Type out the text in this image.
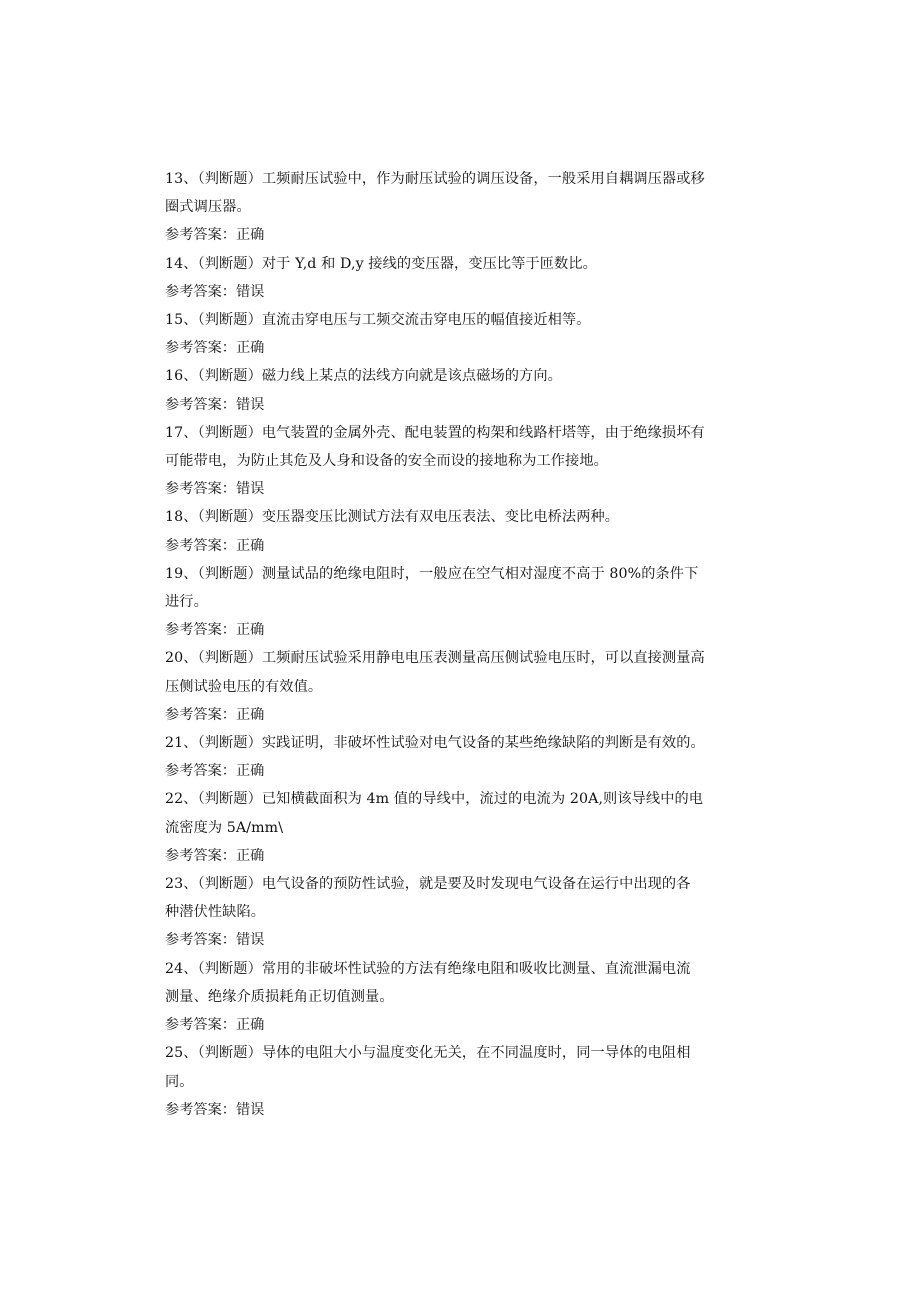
13、（判断题）工频耐压试验中，作为耐压试验的调压设备，一般采用自耦调压器或移
圈式调压器。
参考答案：正确
14、（判断题）对于 Y,d 和 D,y 接线的变压器，变压比等于匝数比。
参考答案：错误
15、（判断题）直流击穿电压与工频交流击穿电压的幅值接近相等。
参考答案：正确
16、（判断题）磁力线上某点的法线方向就是该点磁场的方向。
参考答案：错误
17、（判断题）电气装置的金属外壳、配电装置的构架和线路杆塔等，由于绝缘损坏有
可能带电，为防止其危及人身和设备的安全而设的接地称为工作接地。
参考答案：错误
18、（判断题）变压器变压比测试方法有双电压表法、变比电桥法两种。
参考答案：正确
19、（判断题）测量试品的绝缘电阻时，一般应在空气相对湿度不高于 80%的条件下
进行。
参考答案：正确
20、（判断题）工频耐压试验采用静电电压表测量高压侧试验电压时，可以直接测量高
压侧试验电压的有效值。
参考答案：正确
21、（判断题）实践证明，非破坏性试验对电气设备的某些绝缘缺陷的判断是有效的。
参考答案：正确
22、（判断题）已知横截面积为 4m 值的导线中，流过的电流为 20A,则该导线中的电
流密度为 5A/mm\
参考答案：正确
23、（判断题）电气设备的预防性试验，就是要及时发现电气设备在运行中出现的各
种潜伏性缺陷。
参考答案：错误
24、（判断题）常用的非破坏性试验的方法有绝缘电阻和吸收比测量、直流泄漏电流
测量、绝缘介质损耗角正切值测量。
参考答案：正确
25、（判断题）导体的电阻大小与温度变化无关，在不同温度时，同一导体的电阻相
同。
参考答案：错误
